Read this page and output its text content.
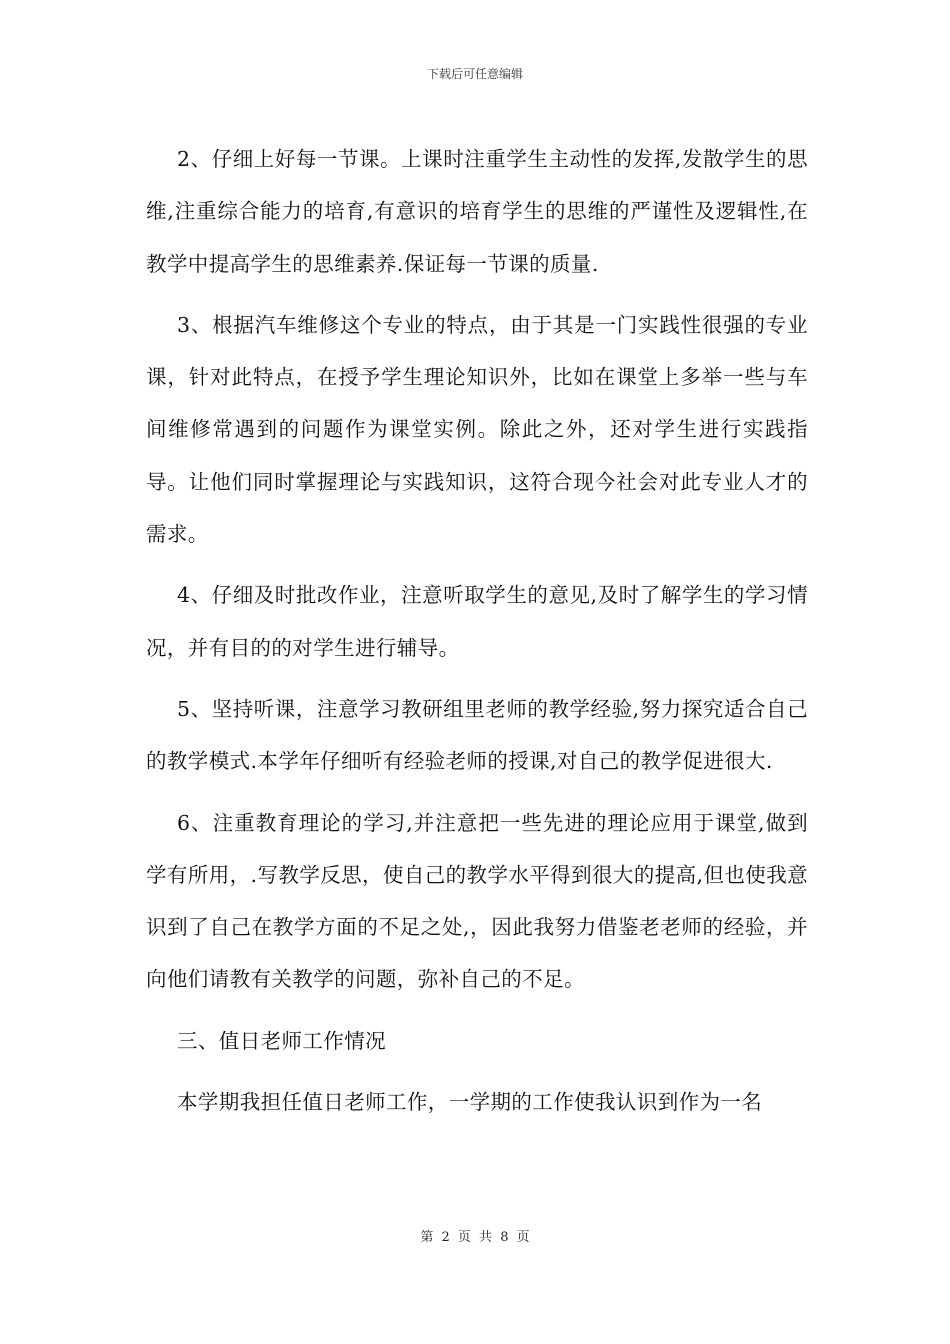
下载后可任意编辑

2、仔细上好每一节课。上课时注重学生主动性的发挥,发散学生的思维,注重综合能力的培育,有意识的培育学生的思维的严谨性及逻辑性,在教学中提高学生的思维素养.保证每一节课的质量.

3、根据汽车维修这个专业的特点，由于其是一门实践性很强的专业课，针对此特点，在授予学生理论知识外，比如在课堂上多举一些与车间维修常遇到的问题作为课堂实例。除此之外，还对学生进行实践指导。让他们同时掌握理论与实践知识，这符合现今社会对此专业人才的需求。

4、仔细及时批改作业，注意听取学生的意见,及时了解学生的学习情况，并有目的的对学生进行辅导。

5、坚持听课，注意学习教研组里老师的教学经验,努力探究适合自己的教学模式.本学年仔细听有经验老师的授课,对自己的教学促进很大.

6、注重教育理论的学习,并注意把一些先进的理论应用于课堂,做到学有所用，.写教学反思，使自己的教学水平得到很大的提高,但也使我意识到了自己在教学方面的不足之处,，因此我努力借鉴老老师的经验，并向他们请教有关教学的问题，弥补自己的不足。

三、值日老师工作情况

本学期我担任值日老师工作，一学期的工作使我认识到作为一名

第 2 页 共 8 页
